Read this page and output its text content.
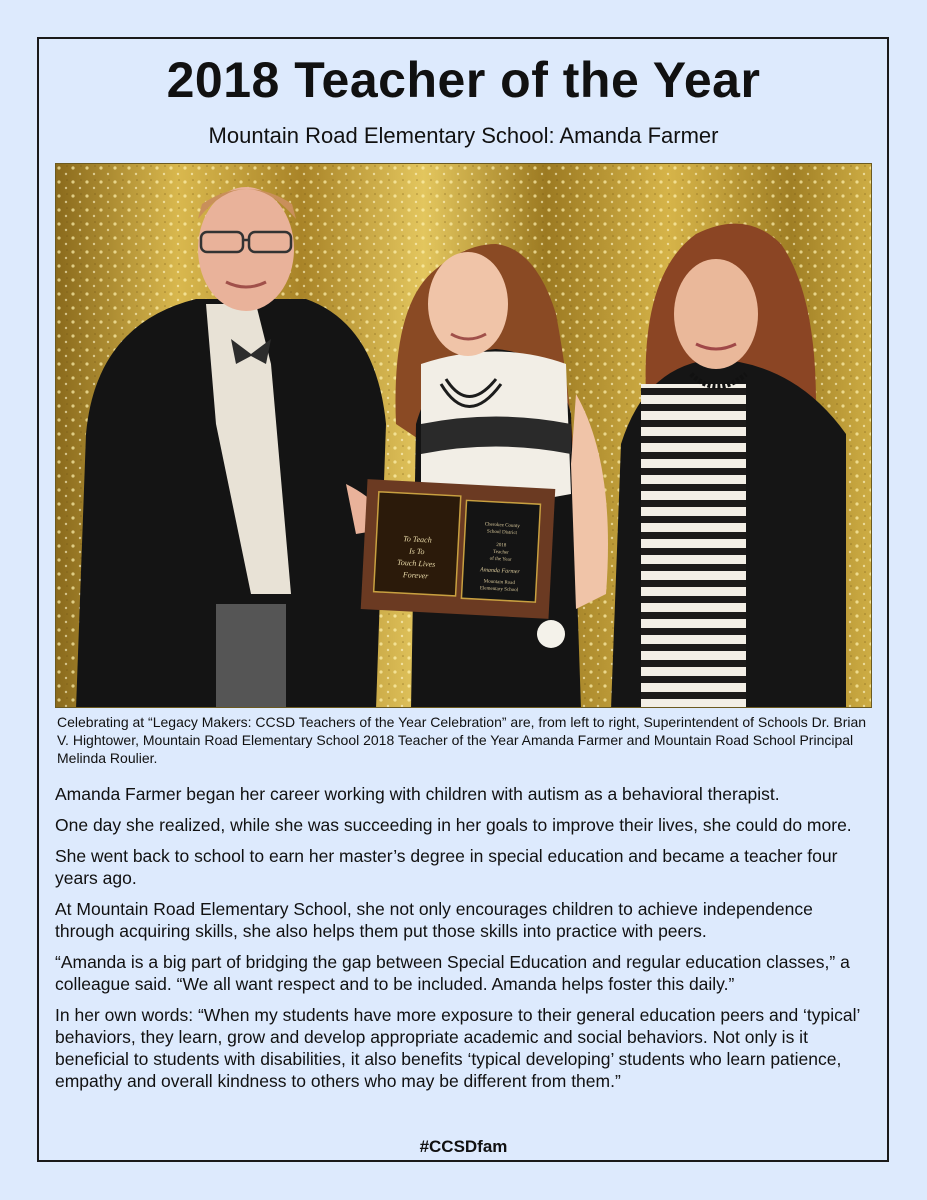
2018 Teacher of the Year
Mountain Road Elementary School: Amanda Farmer
To Teach
Is To
Touch Lives
Forever
Cherokee County
School District
2018
Teacher
of the Year
Amanda Farmer
Mountain Road
Elementary School
Celebrating at “Legacy Makers: CCSD Teachers of the Year Celebration” are, from left to right, Superintendent of Schools Dr. Brian V. Hightower, Mountain Road Elementary School 2018 Teacher of the Year Amanda Farmer and Mountain Road School Principal Melinda Roulier.

Amanda Farmer began her career working with children with autism as a behavioral therapist.

One day she realized, while she was succeeding in her goals to improve their lives, she could do more.

She went back to school to earn her master’s degree in special education and became a teacher four years ago.

At Mountain Road Elementary School, she not only encourages children to achieve independence through acquiring skills, she also helps them put those skills into practice with peers.

“Amanda is a big part of bridging the gap between Special Education and regular education classes,” a colleague said. “We all want respect and to be included. Amanda helps foster this daily.”

In her own words: “When my students have more exposure to their general education peers and ‘typical’ behaviors, they learn, grow and develop appropriate academic and social behaviors. Not only is it beneficial to students with disabilities, it also benefits ‘typical developing’ students who learn patience, empathy and overall kindness to others who may be different from them.”

#CCSDfam
